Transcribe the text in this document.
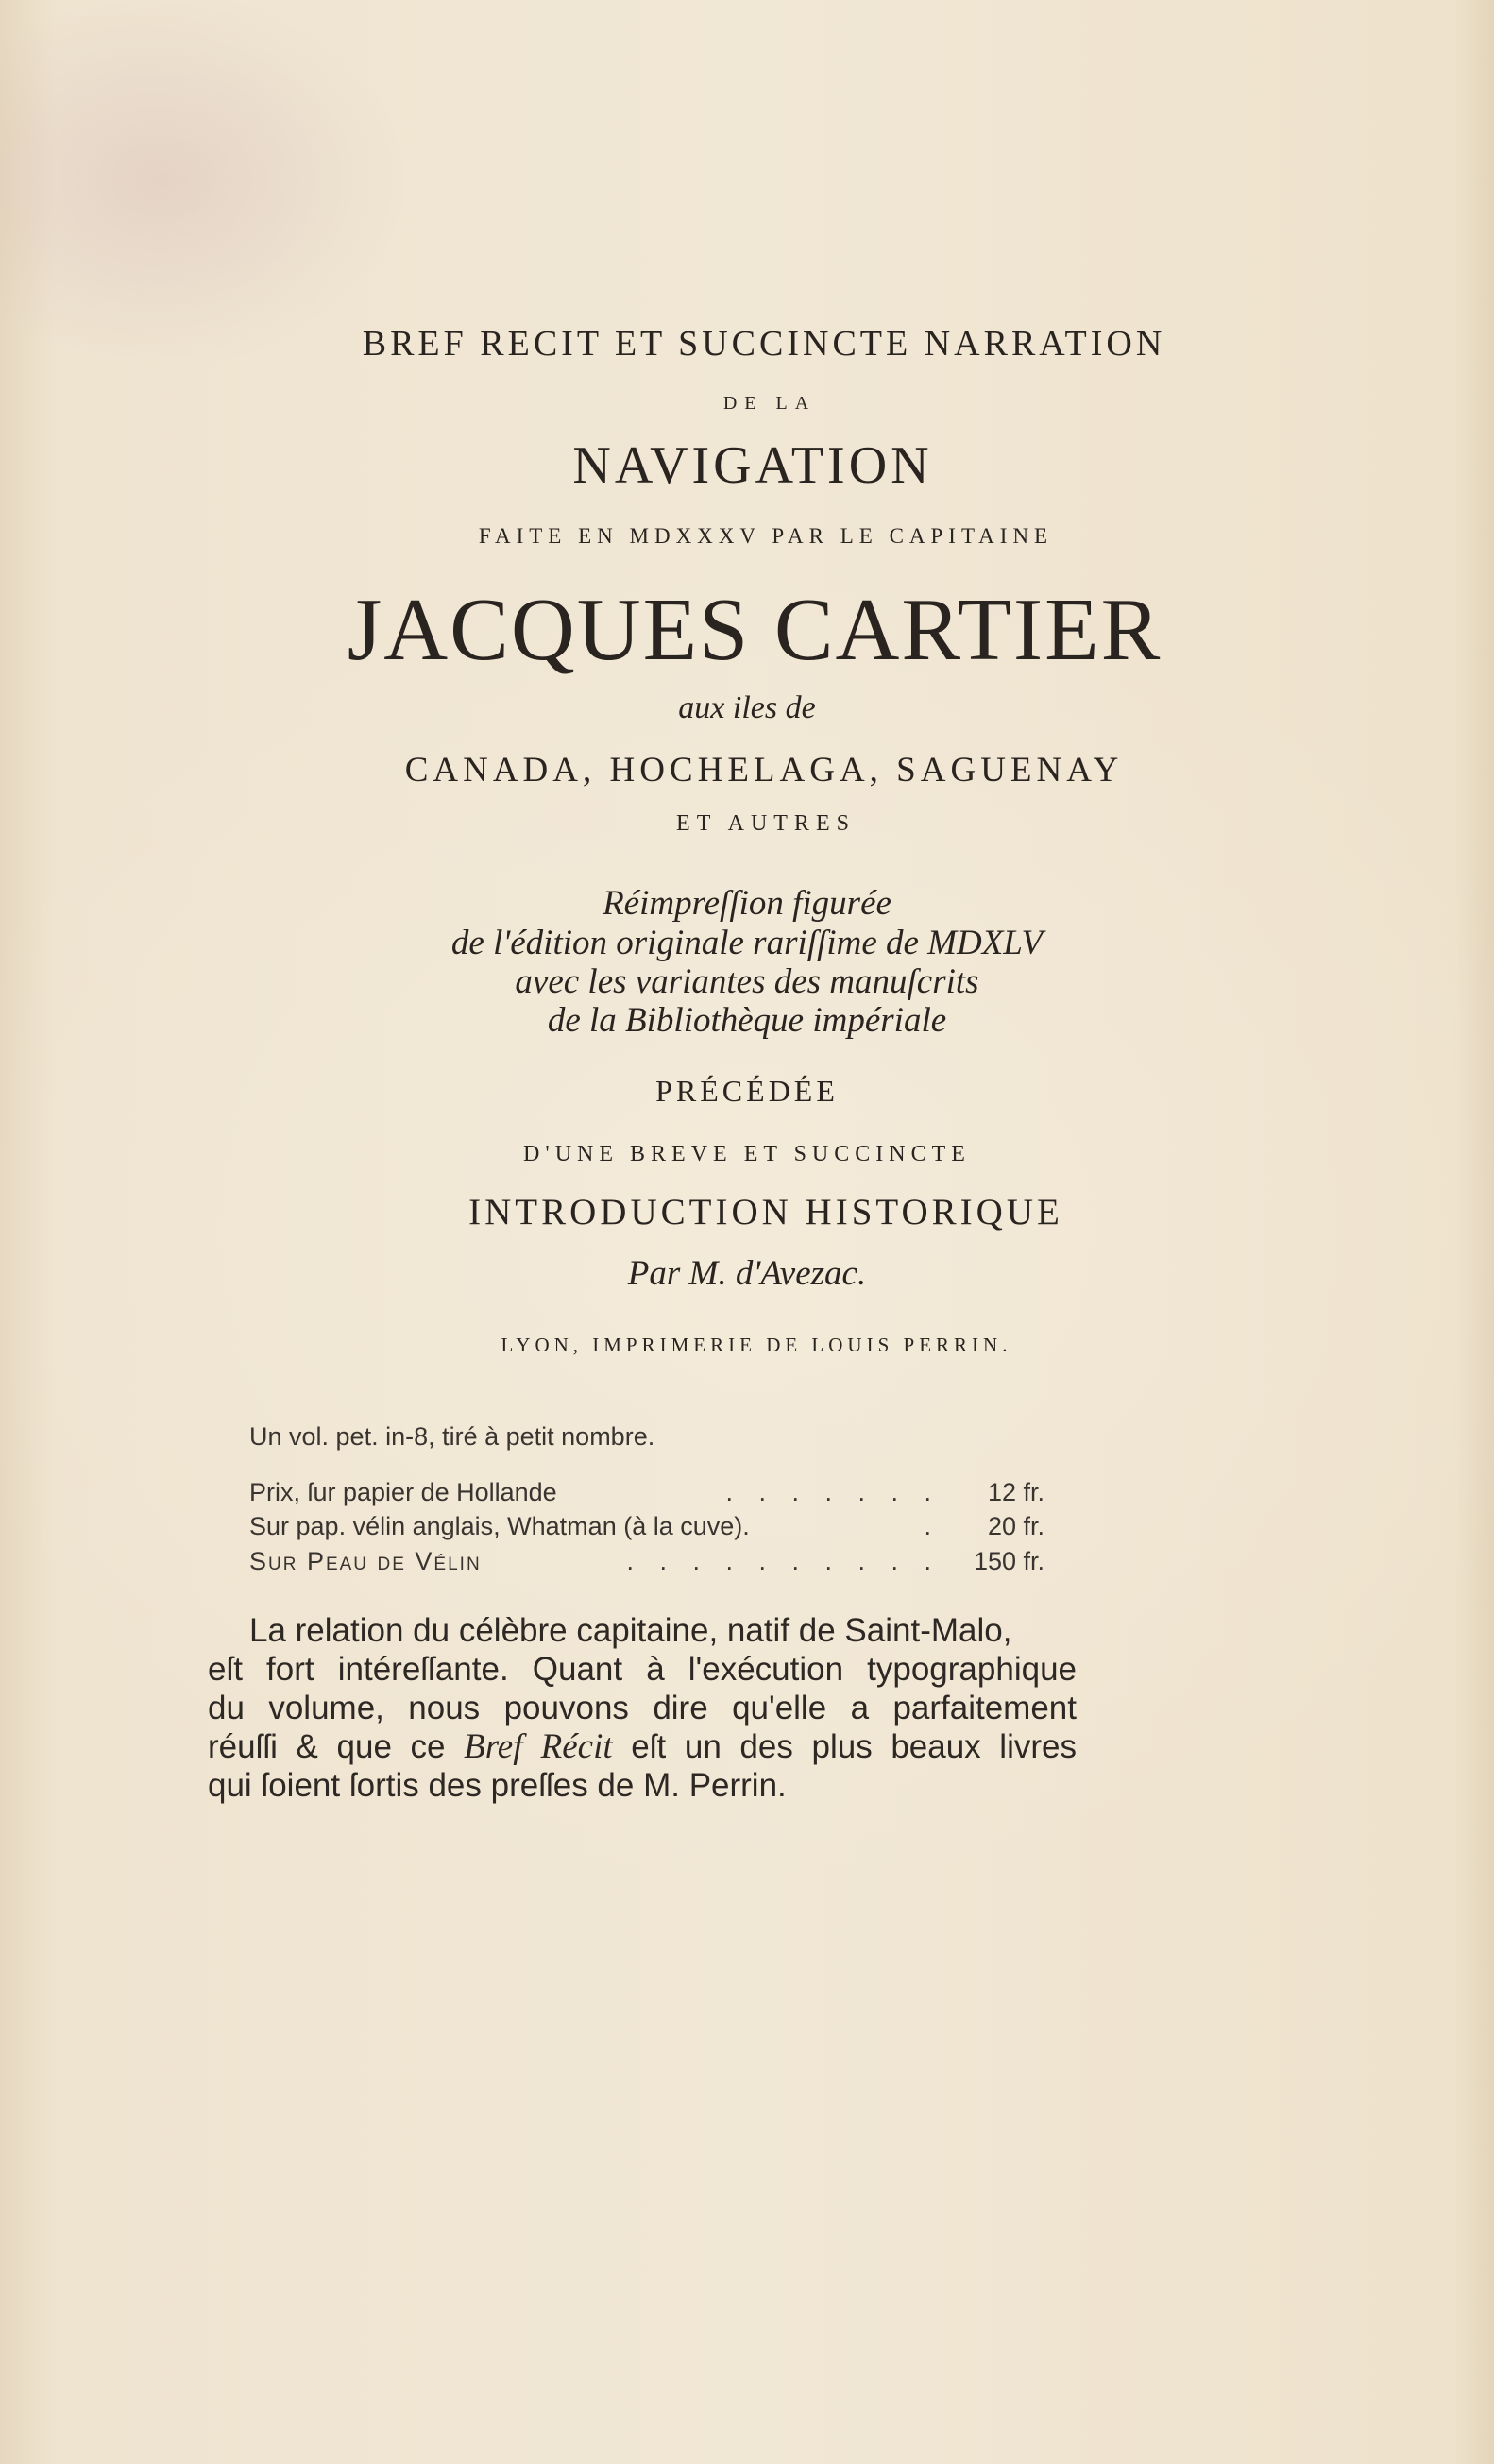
BREF RECIT ET SUCCINCTE NARRATION

DE LA

NAVIGATION

FAITE EN MDXXXV PAR LE CAPITAINE

JACQUES CARTIER

aux iles de

CANADA, HOCHELAGA, SAGUENAY

ET AUTRES

Réimpreſſion figurée

de l'édition originale rariſſime de MDXLV

avec les variantes des manuſcrits

de la Bibliothèque impériale

PRÉCÉDÉE

D'UNE BREVE ET SUCCINCTE

INTRODUCTION HISTORIQUE

Par M. d'Avezac.

LYON, IMPRIMERIE DE LOUIS PERRIN.

Un vol. pet. in-8, tiré à petit nombre.

Prix, ſur papier de Hollande	. . . . . . .	12 fr.
Sur pap. vélin anglais, Whatman (à la cuve).	.	20 fr.
Sur Peau de Vélin	. . . . . . . . . .	150 fr.
La relation du célèbre capitaine, natif de Saint-Malo,
eſt fort intéreſſante. Quant à l'exécution typographique
du volume, nous pouvons dire qu'elle a parfaitement
réuſſi & que ce Bref Récit eſt un des plus beaux livres
qui ſoient ſortis des preſſes de M. Perrin.
